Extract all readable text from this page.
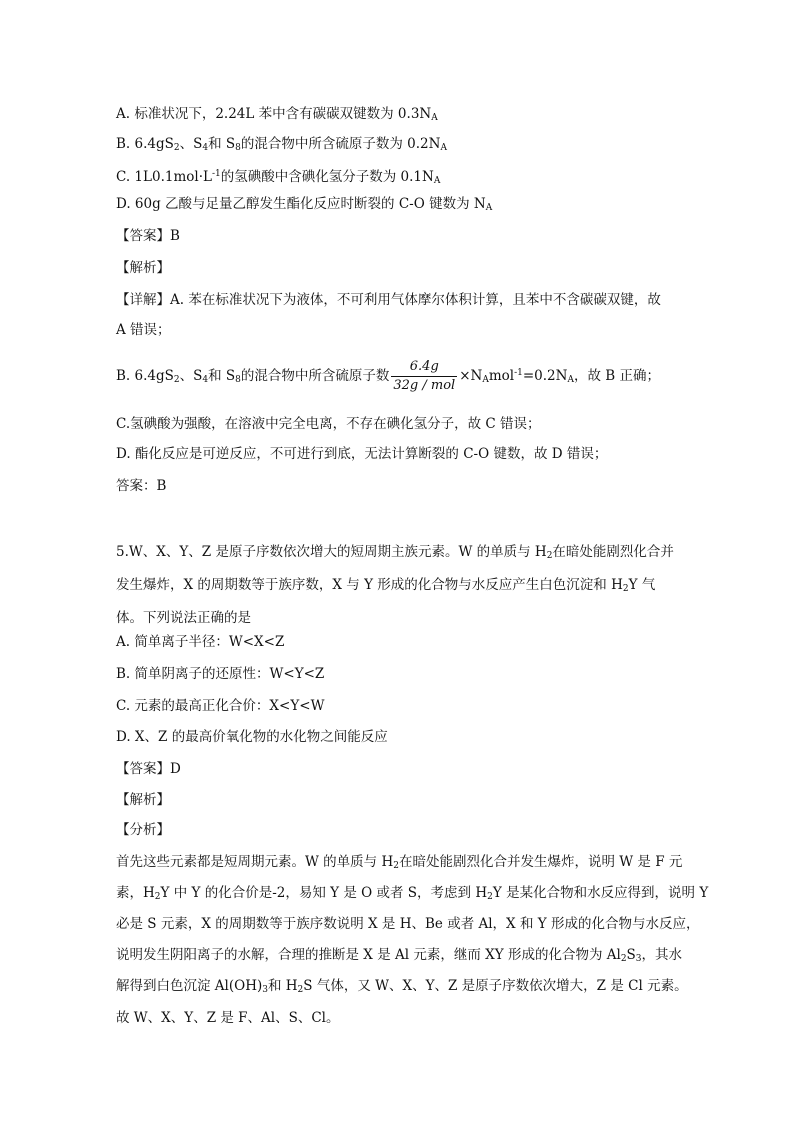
A. 标准状况下，2.24L 苯中含有碳碳双键数为 $0.3N_A$
B. $6.4gS_2$、$S_4$和 $S_8$的混合物中所含硫原子数为 $0.2N_A$
C. $1L0.1mol\cdot L^{-1}$的氢碘酸中含碘化氢分子数为 $0.1N_A$
D. 60g 乙酸与足量乙醇发生酯化反应时断裂的 C-O 键数为 $N_A$
【答案】B
【解析】
【详解】A. 苯在标准状况下为液体，不可利用气体摩尔体积计算，且苯中不含碳碳双键，故
A 错误；
B. $6.4gS_2$、$S_4$和 $S_8$的混合物中所含硫原子数 $\frac{6.4g}{\text{32g / mol}} \times N_Amol^{-1}=0.2N_A$，故 B 正确；
C.氢碘酸为强酸，在溶液中完全电离，不存在碘化氢分子，故 C 错误；
D. 酯化反应是可逆反应，不可进行到底，无法计算断裂的 C-O 键数，故 D 错误；
答案：B
5.W、X、Y、Z 是原子序数依次增大的短周期主族元素。W 的单质与 $H_2$在暗处能剧烈化合并发生爆炸，X 的周期数等于族序数，X 与 Y 形成的化合物与水反应产生白色沉淀和 $H_2Y$ 气体。下列说法正确的是
A. 简单离子半径：W<X<Z
B. 简单阴离子的还原性：W<Y<Z
C. 元素的最高正化合价：X<Y<W
D. X、Z 的最高价氧化物的水化物之间能反应
【答案】D
【解析】
【分析】
首先这些元素都是短周期元素。W 的单质与 $H_2$在暗处能剧烈化合并发生爆炸，说明 W 是 F 元
素，$H_2Y$ 中 Y 的化合价是-2，易知 Y 是 O 或者 S，考虑到 $H_2Y$ 是某化合物和水反应得到，说明 Y
必是 S 元素，X 的周期数等于族序数说明 X 是 H、Be 或者 Al，X 和 Y 形成的化合物与水反应，
说明发生阴阳离子的水解，合理的推断是 X 是 Al 元素，继而 XY 形成的化合物为 $Al_2S_3$，其水
解得到白色沉淀 $Al(OH)_3$和 $H_2S$ 气体，又 W、X、Y、Z 是原子序数依次增大，Z 是 Cl 元素。
故 W、X、Y、Z 是 F、Al、S、Cl。
